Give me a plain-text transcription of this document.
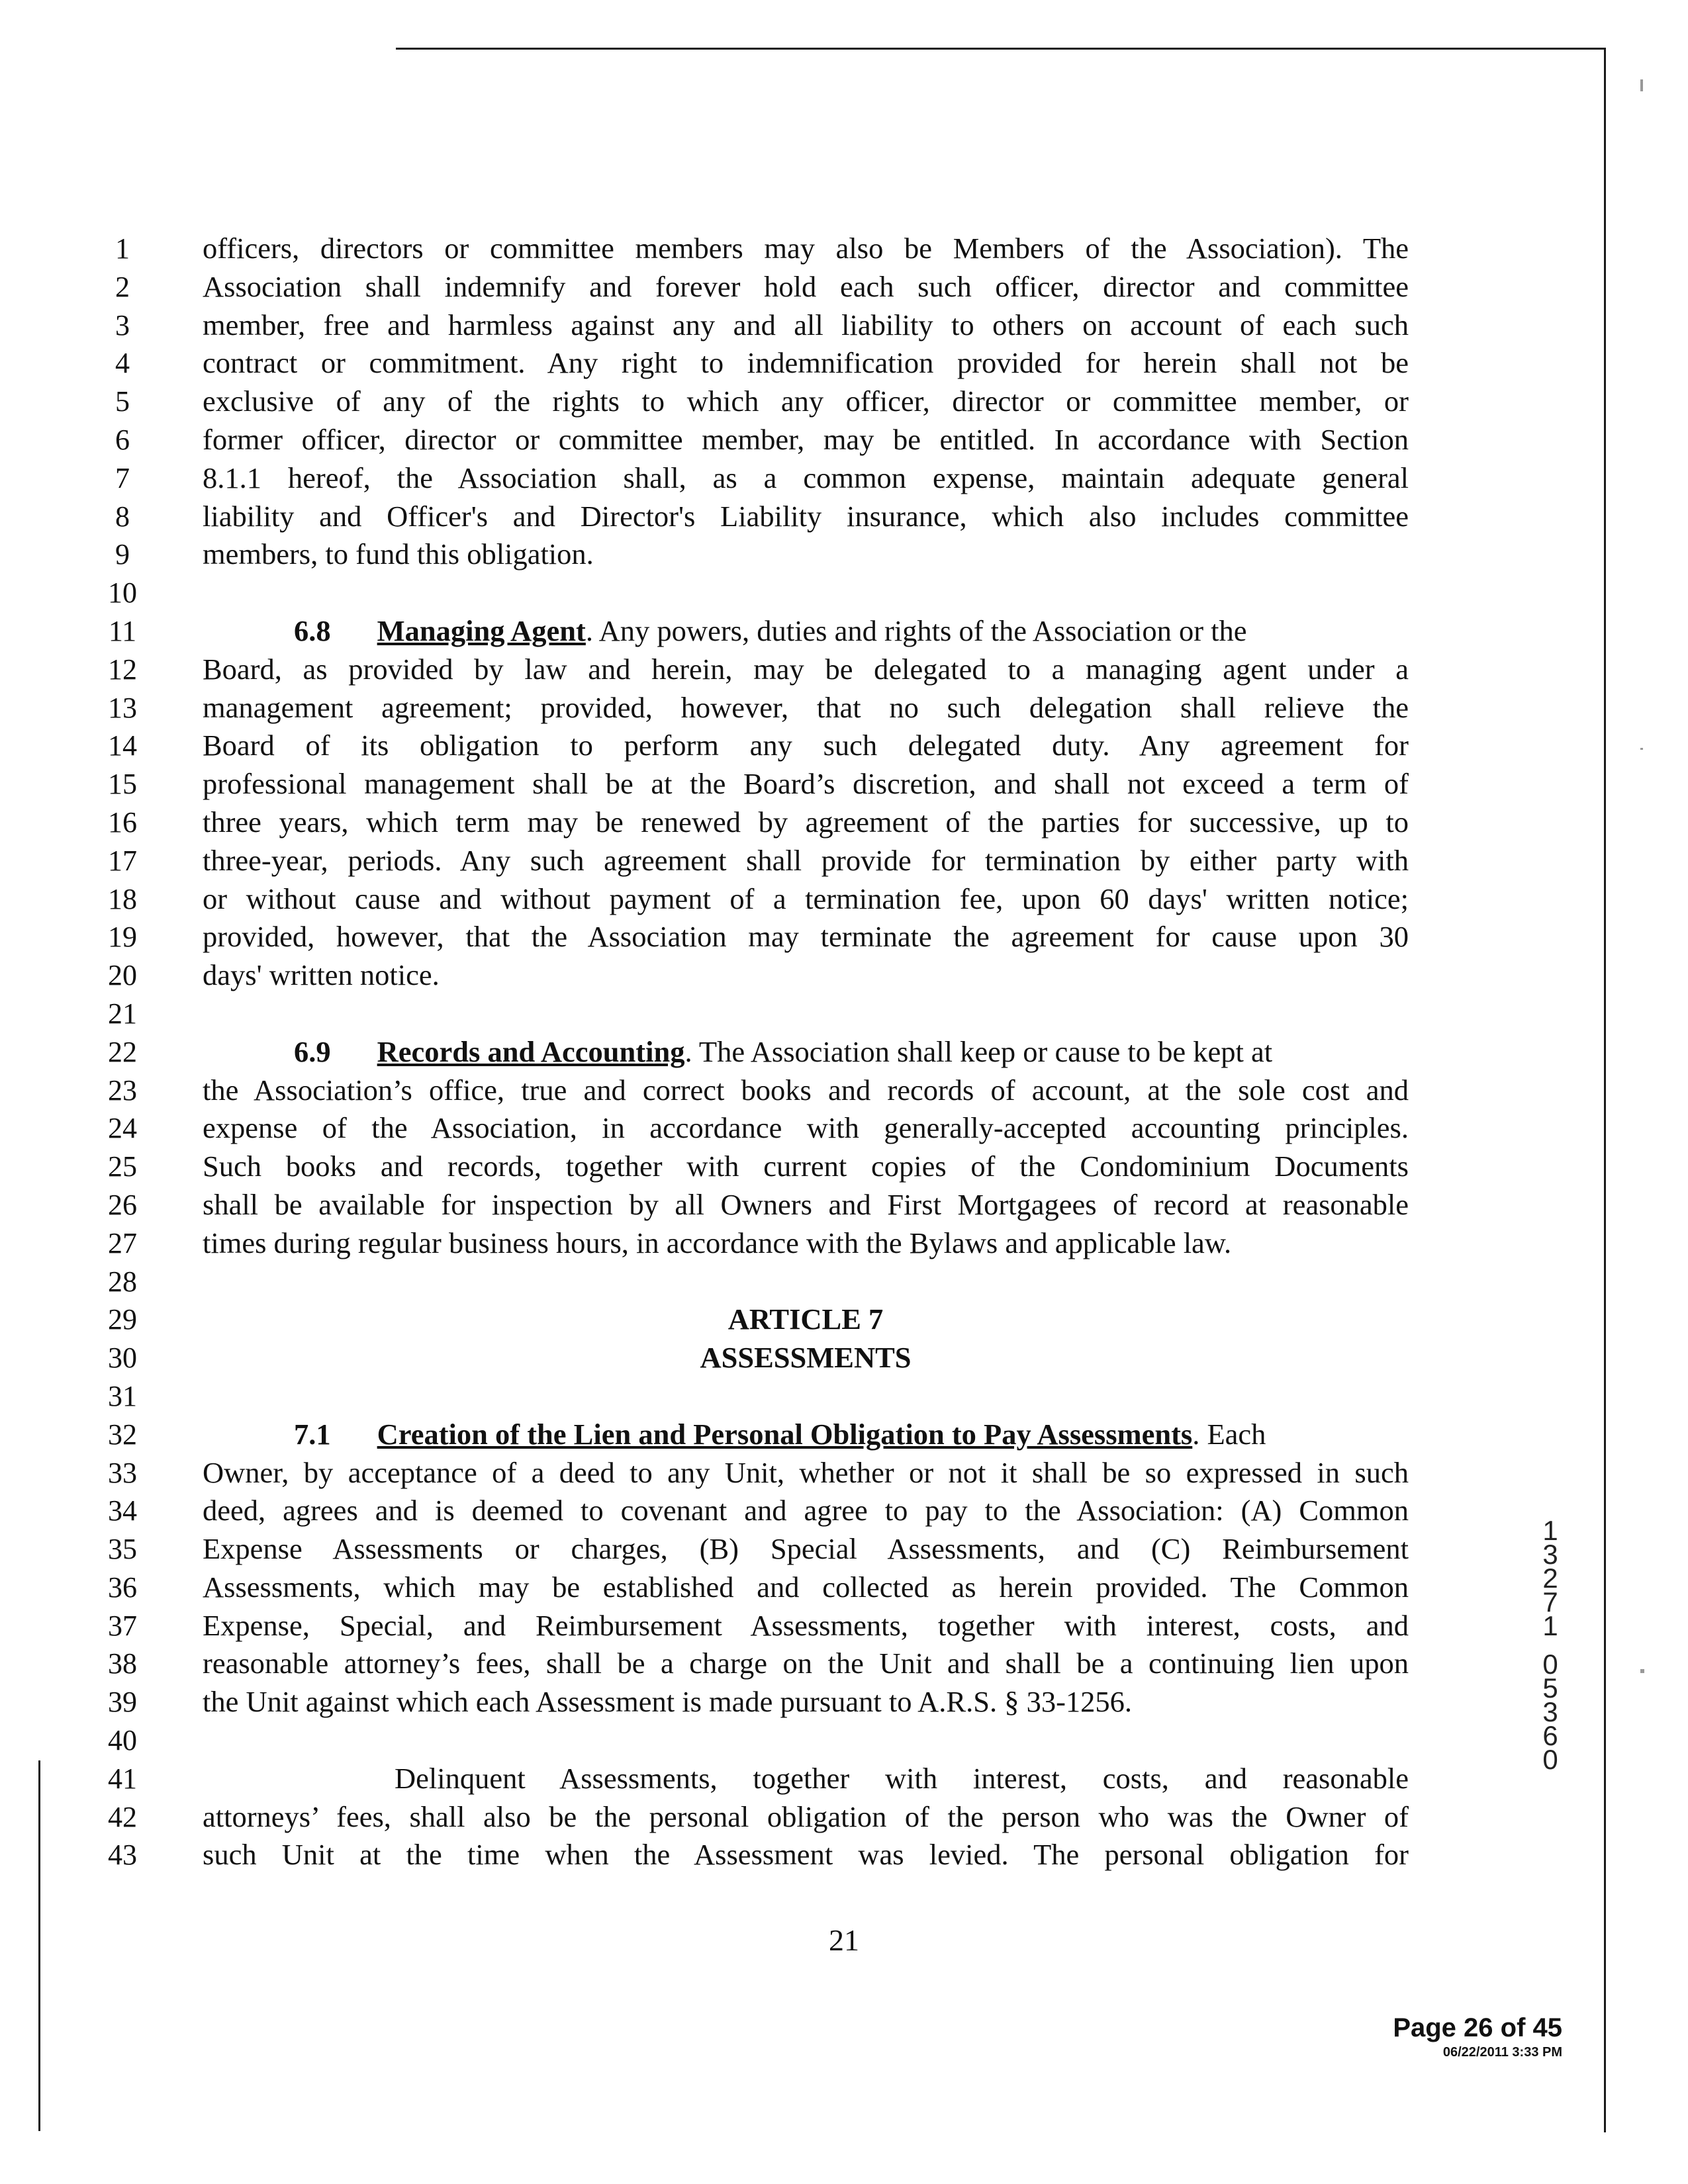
1
2
3
4
5
6
7
8
9
10
11
12
13
14
15
16
17
18
19
20
21
22
23
24
25
26
27
28
29
30
31
32
33
34
35
36
37
38
39
40
41
42
43
officers, directors or committee members may also be Members of the Association). The
Association shall indemnify and forever hold each such officer, director and committee
member, free and harmless against any and all liability to others on account of each such
contract or commitment. Any right to indemnification provided for herein shall not be
exclusive of any of the rights to which any officer, director or committee member, or
former officer, director or committee member, may be entitled. In accordance with Section
8.1.1 hereof, the Association shall, as a common expense, maintain adequate general
liability and Officer's and Director's Liability insurance, which also includes committee
members, to fund this obligation.
6.8 Managing Agent. Any powers, duties and rights of the Association or the
Board, as provided by law and herein, may be delegated to a managing agent under a
management agreement; provided, however, that no such delegation shall relieve the
Board of its obligation to perform any such delegated duty. Any agreement for
professional management shall be at the Board’s discretion, and shall not exceed a term of
three years, which term may be renewed by agreement of the parties for successive, up to
three-year, periods. Any such agreement shall provide for termination by either party with
or without cause and without payment of a termination fee, upon 60 days' written notice;
provided, however, that the Association may terminate the agreement for cause upon 30
days' written notice.
6.9 Records and Accounting. The Association shall keep or cause to be kept at
the Association’s office, true and correct books and records of account, at the sole cost and
expense of the Association, in accordance with generally-accepted accounting principles.
Such books and records, together with current copies of the Condominium Documents
shall be available for inspection by all Owners and First Mortgagees of record at reasonable
times during regular business hours, in accordance with the Bylaws and applicable law.
ARTICLE 7
ASSESSMENTS
7.1 Creation of the Lien and Personal Obligation to Pay Assessments. Each
Owner, by acceptance of a deed to any Unit, whether or not it shall be so expressed in such
deed, agrees and is deemed to covenant and agree to pay to the Association: (A) Common
Expense Assessments or charges, (B) Special Assessments, and (C) Reimbursement
Assessments, which may be established and collected as herein provided. The Common
Expense, Special, and Reimbursement Assessments, together with interest, costs, and
reasonable attorney’s fees, shall be a charge on the Unit and shall be a continuing lien upon
the Unit against which each Assessment is made pursuant to A.R.S. § 33-1256.
Delinquent Assessments, together with interest, costs, and reasonable
attorneys’ fees, shall also be the personal obligation of the person who was the Owner of
such Unit at the time when the Assessment was levied. The personal obligation for
21
Page 26 of 45
06/22/2011 3:33 PM
1
3
2
7
1
0
5
3
6
0
